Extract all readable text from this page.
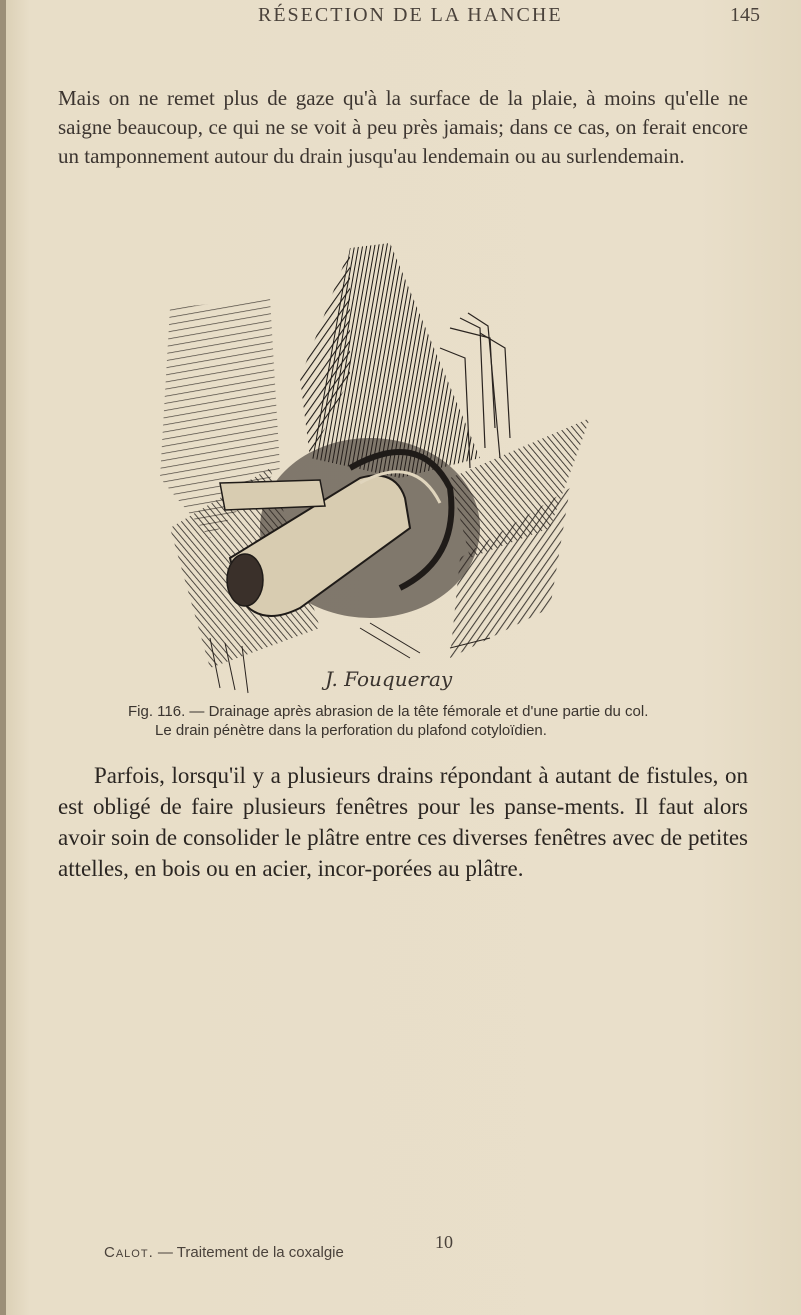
RÉSECTION DE LA HANCHE	145

Mais on ne remet plus de gaze qu'à la surface de la plaie, à moins qu'elle ne saigne beaucoup, ce qui ne se voit à peu près jamais; dans ce cas, on ferait encore un tamponnement autour du drain jusqu'au lendemain ou au surlendemain.

J. Fouqueray
Fig. 116. — Drainage après abrasion de la tête fémorale et d'une partie du col.
Le drain pénètre dans la perforation du plafond cotyloïdien.

Parfois, lorsqu'il y a plusieurs drains répondant à autant de fistules, on est obligé de faire plusieurs fenêtres pour les panse-ments. Il faut alors avoir soin de consolider le plâtre entre ces diverses fenêtres avec de petites attelles, en bois ou en acier, incor-porées au plâtre.

Calot. — Traitement de la coxalgie
10
